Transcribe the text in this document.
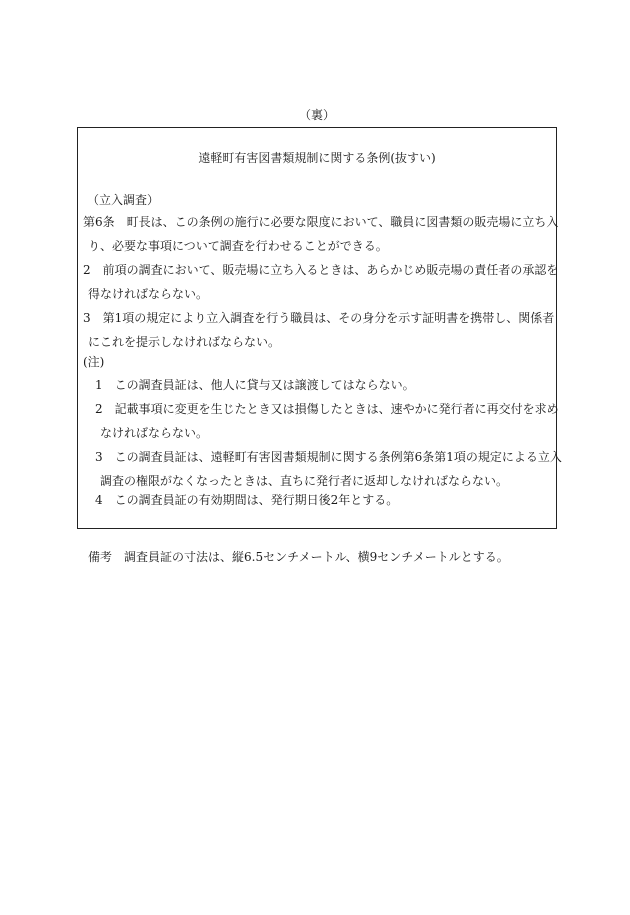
（裏）
遠軽町有害図書類規制に関する条例(抜すい)
（立入調査）
第6条　町長は、この条例の施行に必要な限度において、職員に図書類の販売場に立ち入
り、必要な事項について調査を行わせることができる。
2　前項の調査において、販売場に立ち入るときは、あらかじめ販売場の責任者の承認を
得なければならない。
3　第1項の規定により立入調査を行う職員は、その身分を示す証明書を携帯し、関係者
にこれを提示しなければならない。
(注)
1　この調査員証は、他人に貸与又は譲渡してはならない。
2　記載事項に変更を生じたとき又は損傷したときは、速やかに発行者に再交付を求め
なければならない。
3　この調査員証は、遠軽町有害図書類規制に関する条例第6条第1項の規定による立入
調査の権限がなくなったときは、直ちに発行者に返却しなければならない。
4　この調査員証の有効期間は、発行期日後2年とする。
備考　調査員証の寸法は、縦6.5センチメートル、横9センチメートルとする。
